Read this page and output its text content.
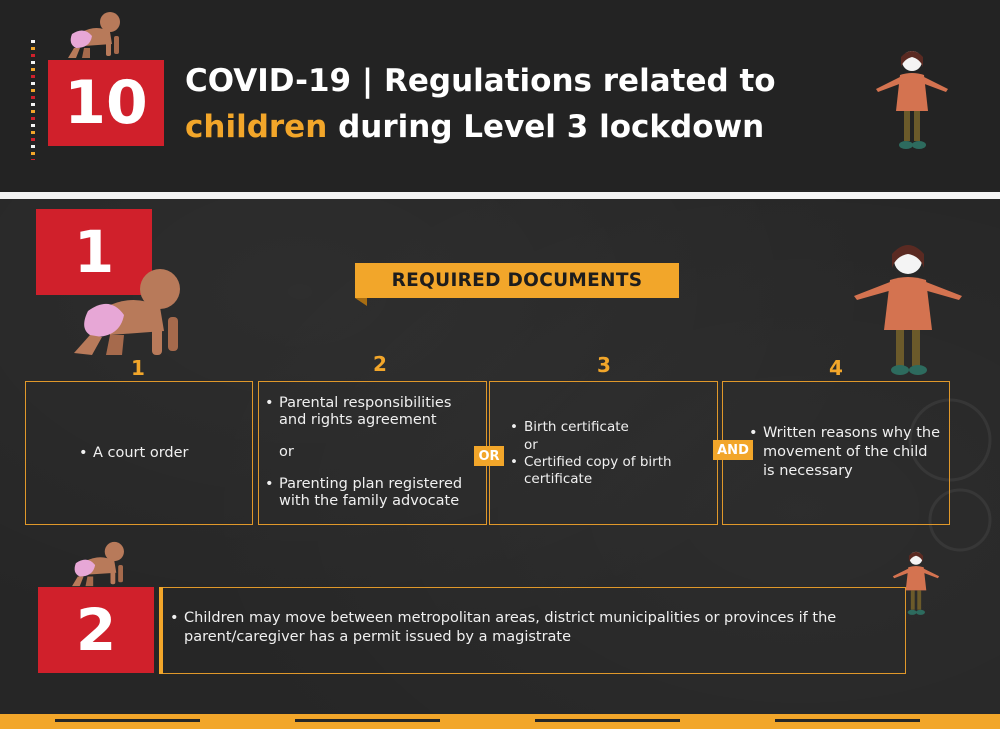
10	COVID-19 | Regulations related to
children during Level 3 lockdown
1	REQUIRED DOCUMENTS
1	2	3	4
• A court order
• Parental responsibilities and rights agreement
or
• Parenting plan registered with the family advocate
• Birth certificate
or
• Certified copy of birth certificate
• Written reasons why the movement of the child is necessary
OR	AND
2
•	Children may move between metropolitan areas, district municipalities or provinces if the parent/caregiver has a permit issued by a magistrate
